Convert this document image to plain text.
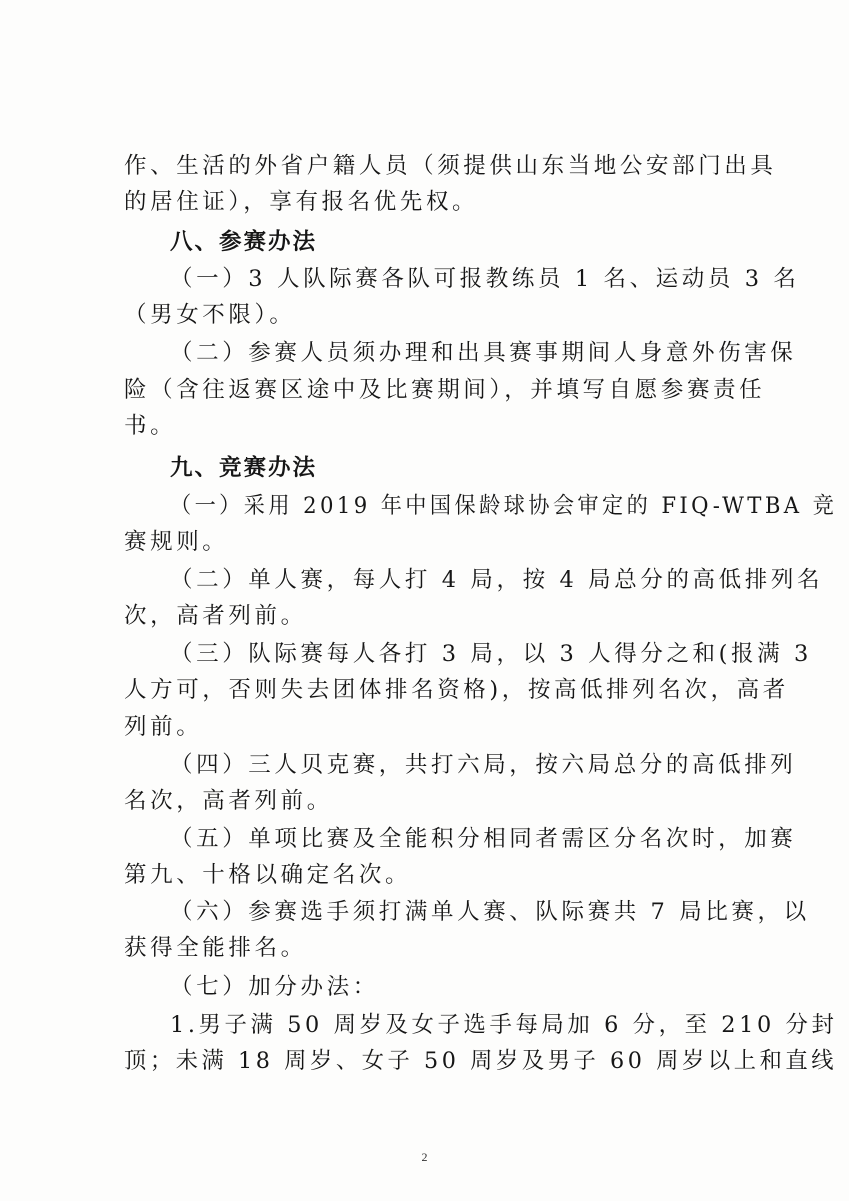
作、生活的外省户籍人员（须提供山东当地公安部门出具
的居住证），享有报名优先权。
八、参赛办法
（一）3 人队际赛各队可报教练员 1 名、运动员 3 名
（男女不限）。
（二）参赛人员须办理和出具赛事期间人身意外伤害保
险（含往返赛区途中及比赛期间），并填写自愿参赛责任
书。
九、竞赛办法
（一）采用 2019 年中国保龄球协会审定的 FIQ-WTBA 竞
赛规则。
（二）单人赛，每人打 4 局，按 4 局总分的高低排列名
次，高者列前。
（三）队际赛每人各打 3 局，以 3 人得分之和(报满 3
人方可，否则失去团体排名资格)，按高低排列名次，高者
列前。
（四）三人贝克赛，共打六局，按六局总分的高低排列
名次，高者列前。
（五）单项比赛及全能积分相同者需区分名次时，加赛
第九、十格以确定名次。
（六）参赛选手须打满单人赛、队际赛共 7 局比赛，以
获得全能排名。
（七）加分办法：
1.男子满 50 周岁及女子选手每局加 6 分，至 210 分封
顶；未满 18 周岁、女子 50 周岁及男子 60 周岁以上和直线
2
